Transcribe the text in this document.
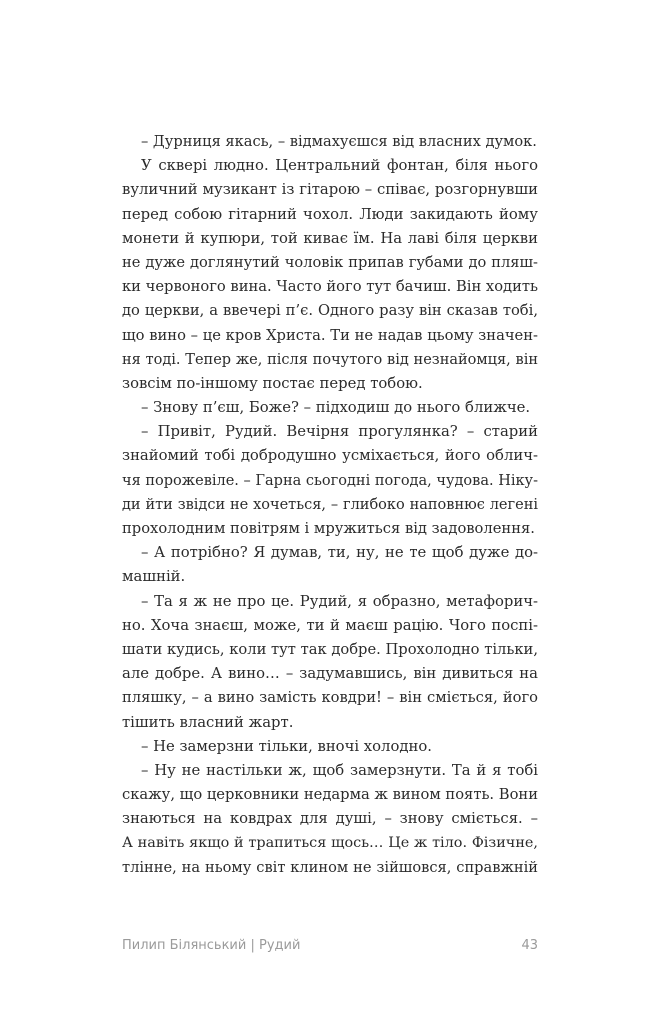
– Дурниця якась, – відмахуєшся від власних думок.
У сквері людно. Центральний фонтан, біля нього
вуличний музикант із гітарою – співає, розгорнувши
перед собою гітарний чохол. Люди закидають йому
монети й купюри, той киває їм. На лаві біля церкви
не дуже доглянутий чоловік припав губами до пляш-
ки червоного вина. Часто його тут бачиш. Він ходить
до церкви, а ввечері п’є. Одного разу він сказав тобі,
що вино – це кров Христа. Ти не надав цьому значен-
ня тоді. Тепер же, після почутого від незнайомця, він
зовсім по-іншому постає перед тобою.
– Знову п’єш, Боже? – підходиш до нього ближче.
– Привіт, Рудий. Вечірня прогулянка? – старий
знайомий тобі добродушно усміхається, його облич-
чя порожевіле. – Гарна сьогодні погода, чудова. Ніку-
ди йти звідси не хочеться, – глибоко наповнює легені
прохолодним повітрям і мружиться від задоволення.
– А потрібно? Я думав, ти, ну, не те щоб дуже до-
машній.
– Та я ж не про це. Рудий, я образно, метафорич-
но. Хоча знаєш, може, ти й маєш рацію. Чого поспі-
шати кудись, коли тут так добре. Прохолодно тільки,
але добре. А вино… – задумавшись, він дивиться на
пляшку, – а вино замість ковдри! – він сміється, його
тішить власний жарт.
– Не замерзни тільки, вночі холодно.
– Ну не настільки ж, щоб замерзнути. Та й я тобі
скажу, що церковники недарма ж вином поять. Вони
знаються на ковдрах для душі, – знову сміється. –
А навіть якщо й трапиться щось… Це ж тіло. Фізичне,
тлінне, на ньому світ клином не зійшовся, справжній
Пилип Білянський | Рудий	43
